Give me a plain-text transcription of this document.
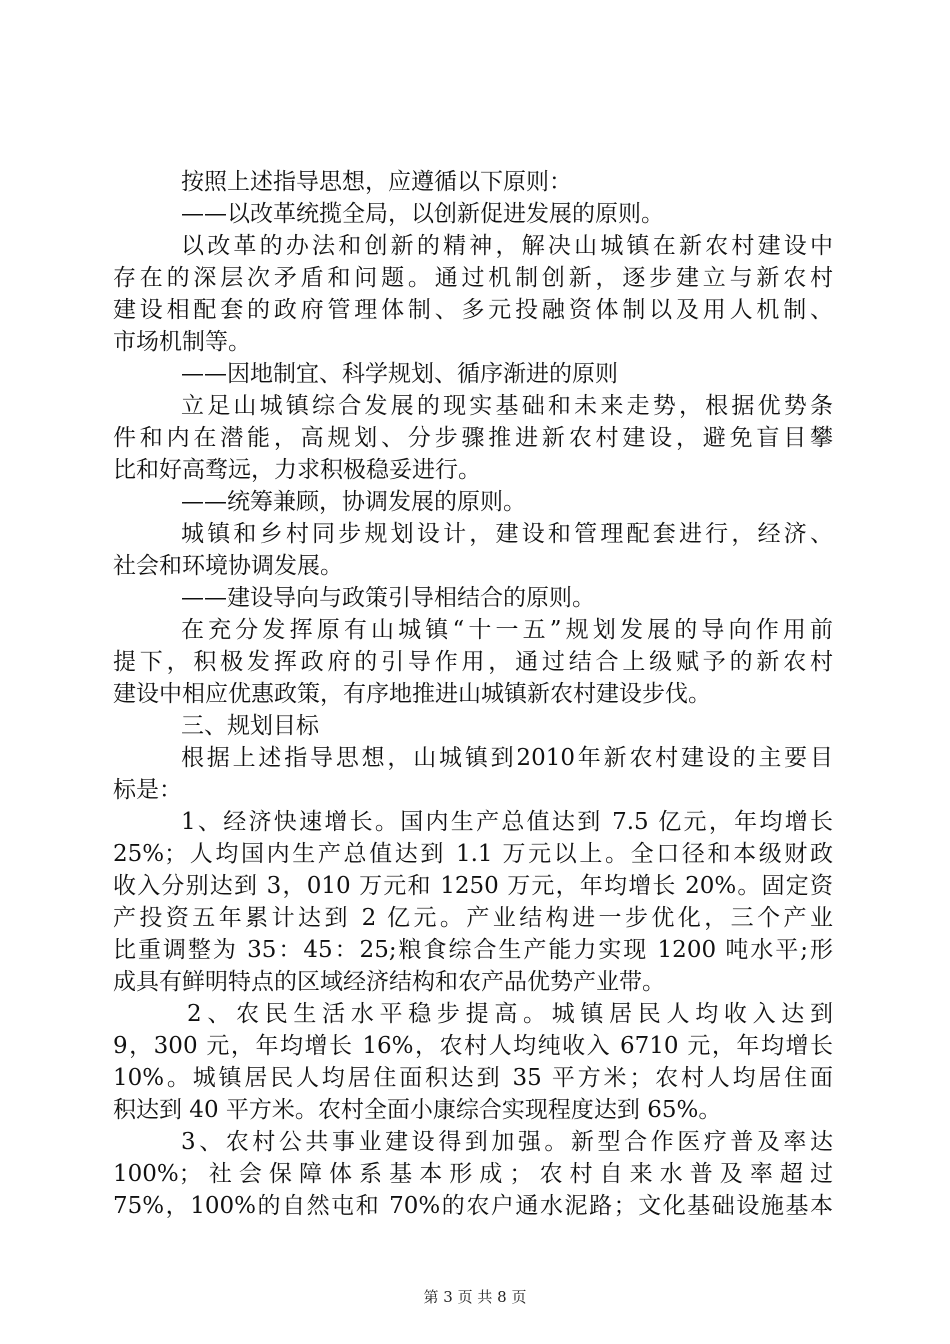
按照上述指导思想，应遵循以下原则：
——以改革统揽全局，以创新促进发展的原则。
以改革的办法和创新的精神，解决山城镇在新农村建设中
存在的深层次矛盾和问题。通过机制创新，逐步建立与新农村
建设相配套的政府管理体制、多元投融资体制以及用人机制、
市场机制等。
——因地制宜、科学规划、循序渐进的原则
立足山城镇综合发展的现实基础和未来走势，根据优势条
件和内在潜能，高规划、分步骤推进新农村建设，避免盲目攀
比和好高骛远，力求积极稳妥进行。
——统筹兼顾，协调发展的原则。
城镇和乡村同步规划设计，建设和管理配套进行，经济、
社会和环境协调发展。
——建设导向与政策引导相结合的原则。
在充分发挥原有山城镇“十一五”规划发展的导向作用前
提下，积极发挥政府的引导作用，通过结合上级赋予的新农村
建设中相应优惠政策，有序地推进山城镇新农村建设步伐。
三、规划目标
根据上述指导思想，山城镇到2010年新农村建设的主要目
标是：
1、经济快速增长。国内生产总值达到 7.5 亿元，年均增长
25%；人均国内生产总值达到 1.1 万元以上。全口径和本级财政
收入分别达到 3，010 万元和 1250 万元，年均增长 20%。固定资
产投资五年累计达到 2 亿元。产业结构进一步优化，三个产业
比重调整为 35：45：25;粮食综合生产能力实现 1200 吨水平;形
成具有鲜明特点的区域经济结构和农产品优势产业带。
2、农民生活水平稳步提高。城镇居民人均收入达到
9，300 元，年均增长 16%，农村人均纯收入 6710 元，年均增长
10%。城镇居民人均居住面积达到 35 平方米；农村人均居住面
积达到 40 平方米。农村全面小康综合实现程度达到 65%。
3、农村公共事业建设得到加强。新型合作医疗普及率达
100%；社会保障体系基本形成；农村自来水普及率超过
75%，100%的自然屯和 70%的农户通水泥路；文化基础设施基本
第 3 页 共 8 页
